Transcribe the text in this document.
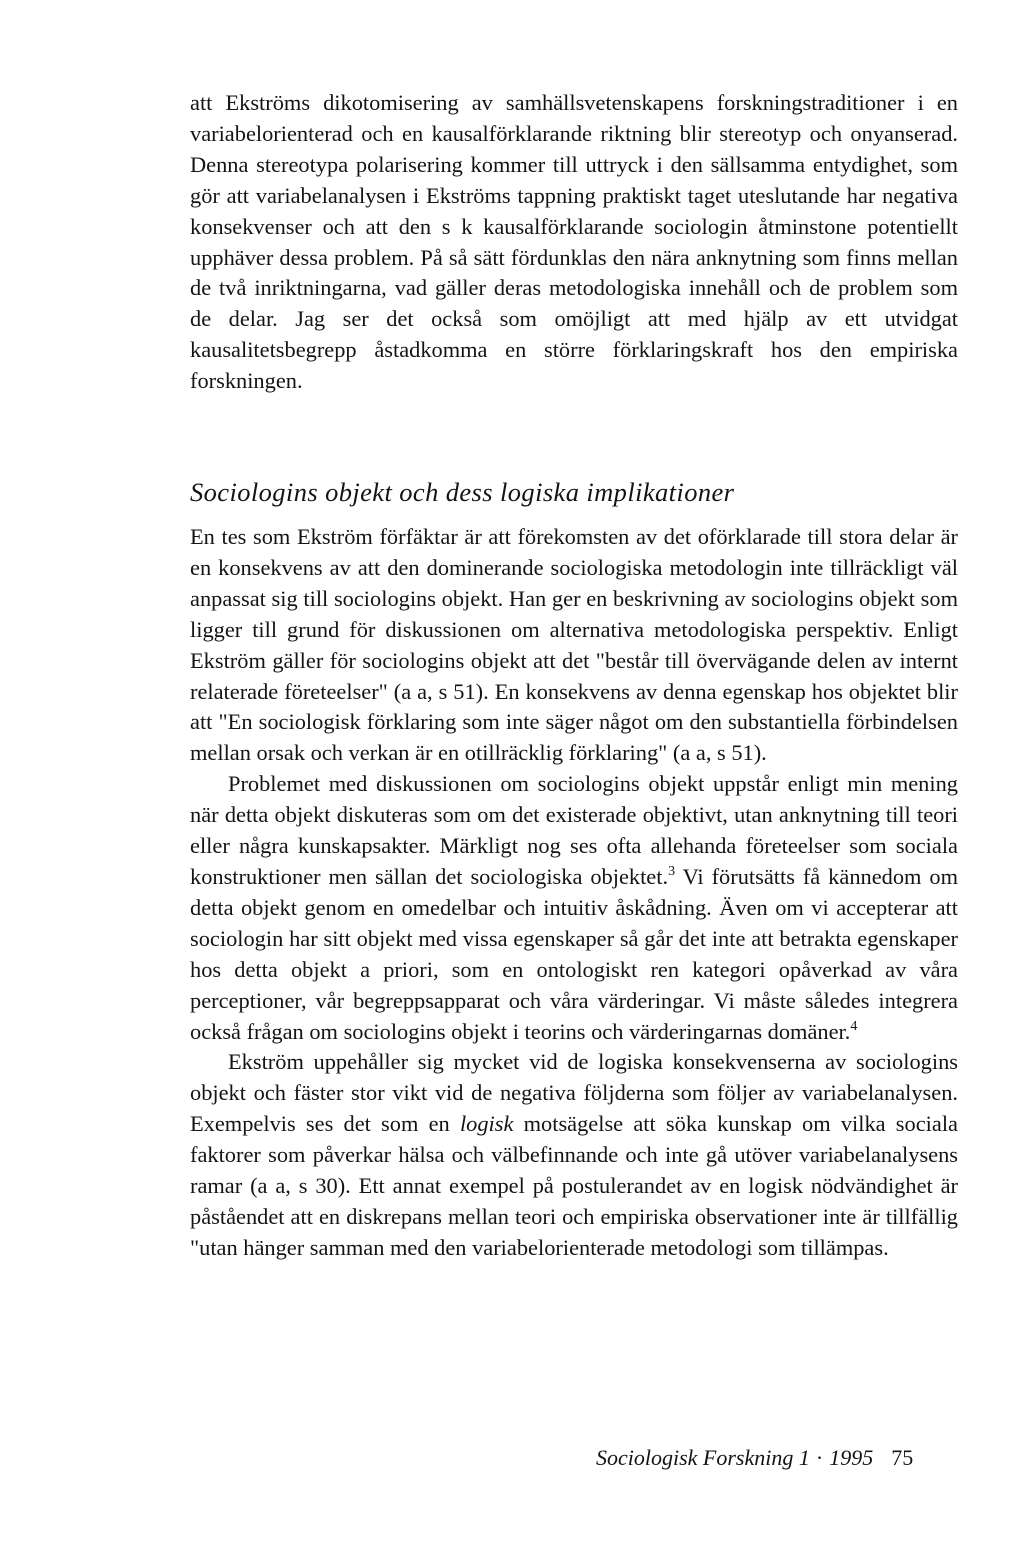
att Ekströms dikotomisering av samhällsvetenskapens forskningstraditioner i en variabelorienterad och en kausalförklarande riktning blir stereotyp och onyanserad. Denna stereotypa polarisering kommer till uttryck i den sällsamma entydighet, som gör att variabelanalysen i Ekströms tappning praktiskt taget uteslutande har negativa konsekvenser och att den s k kausalförklarande sociologin åtminstone potentiellt upphäver dessa problem. På så sätt fördunklas den nära anknytning som finns mellan de två inriktningarna, vad gäller deras metodologiska innehåll och de problem som de delar. Jag ser det också som omöjligt att med hjälp av ett utvidgat kausalitetsbegrepp åstadkomma en större förklaringskraft hos den empiriska forskningen.

Sociologins objekt och dess logiska implikationer

En tes som Ekström förfäktar är att förekomsten av det oförklarade till stora delar är en konsekvens av att den dominerande sociologiska metodologin inte tillräckligt väl anpassat sig till sociologins objekt. Han ger en beskrivning av sociologins objekt som ligger till grund för diskussionen om alternativa metodologiska perspektiv. Enligt Ekström gäller för sociologins objekt att det "består till övervägande delen av internt relaterade företeelser" (a a, s 51). En konsekvens av denna egenskap hos objektet blir att "En sociologisk förklaring som inte säger något om den substantiella förbindelsen mellan orsak och verkan är en otillräcklig förklaring" (a a, s 51).

Problemet med diskussionen om sociologins objekt uppstår enligt min mening när detta objekt diskuteras som om det existerade objektivt, utan anknytning till teori eller några kunskapsakter. Märkligt nog ses ofta allehanda företeelser som sociala konstruktioner men sällan det sociologiska objektet.$^3$ Vi förutsätts få kännedom om detta objekt genom en omedelbar och intuitiv åskådning. Även om vi accepterar att sociologin har sitt objekt med vissa egenskaper så går det inte att betrakta egenskaper hos detta objekt a priori, som en ontologiskt ren kategori opåverkad av våra perceptioner, vår begreppsapparat och våra värderingar. Vi måste således integrera också frågan om sociologins objekt i teorins och värderingarnas domäner.$^4$

Ekström uppehåller sig mycket vid de logiska konsekvenserna av sociologins objekt och fäster stor vikt vid de negativa följderna som följer av variabelanalysen. Exempelvis ses det som en logisk motsägelse att söka kunskap om vilka sociala faktorer som påverkar hälsa och välbefinnande och inte gå utöver variabelanalysens ramar (a a, s 30). Ett annat exempel på postulerandet av en logisk nödvändighet är påståendet att en diskrepans mellan teori och empiriska observationer inte är tillfällig "utan hänger samman med den variabelorienterade metodologi som tillämpas.

Sociologisk Forskning 1 · 1995 75
